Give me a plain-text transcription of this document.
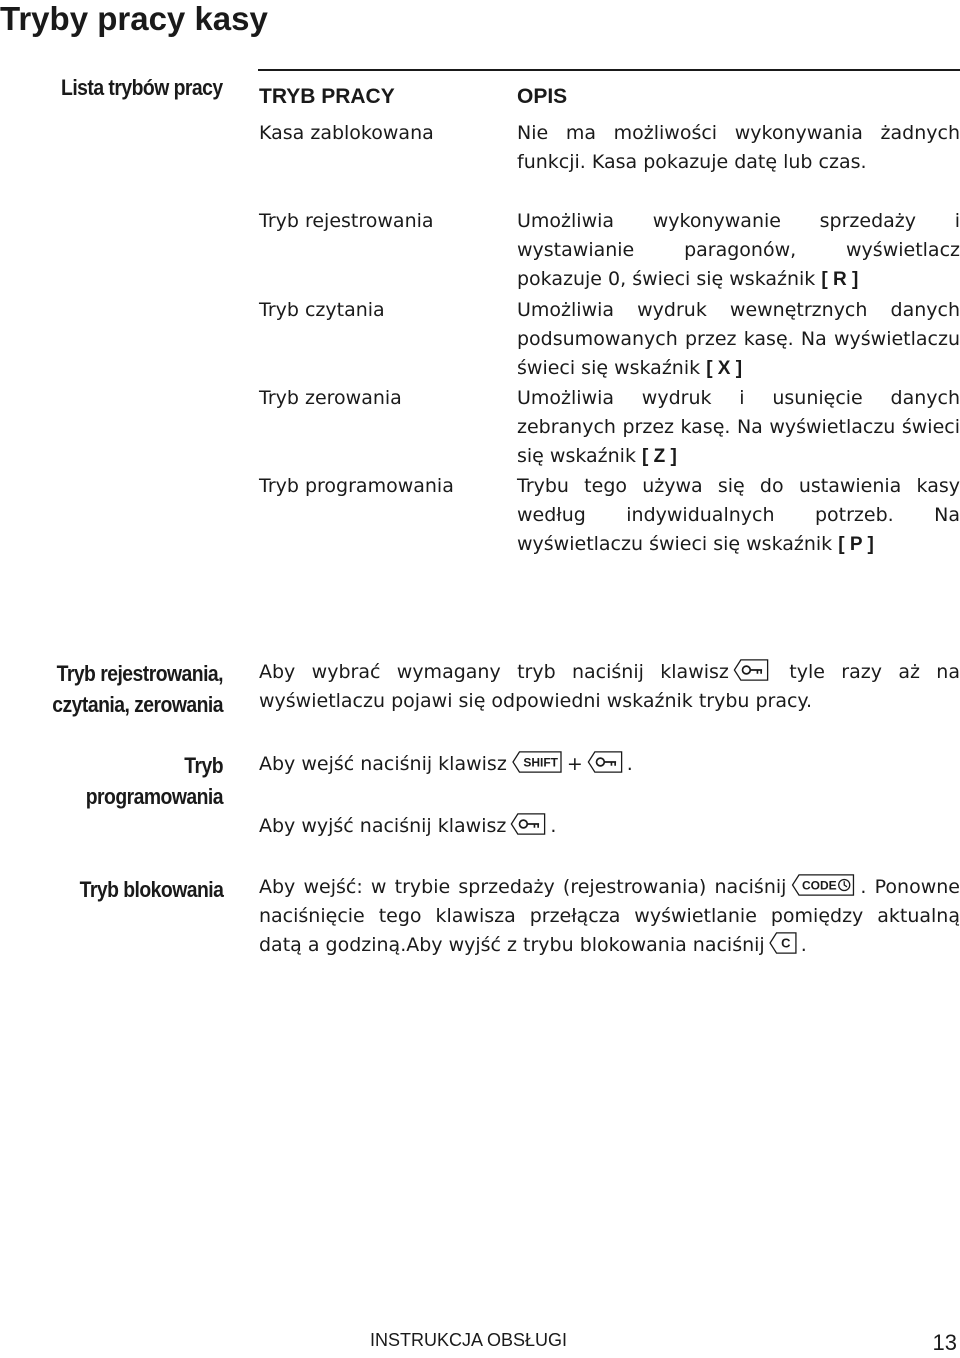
Tryby pracy kasy
Lista trybów pracy TRYB PRACY	OPIS
Kasa zablokowana	Nie ma możliwości wykonywania żadnych funkcji. Kasa pokazuje datę lub czas.
Tryb rejestrowania	Umożliwia wykonywanie sprzedaży i wystawianie paragonów, wyświetlacz pokazuje 0, świeci się wskaźnik [ R ]
Tryb czytania	Umożliwia wydruk wewnętrznych danych podsumowanych przez kasę. Na wyświetlaczu świeci się wskaźnik [ X ]
Tryb zerowania	Umożliwia wydruk i usunięcie danych zebranych przez kasę. Na wyświetlaczu świeci się wskaźnik [ Z ]
Tryb programowania	Trybu tego używa się do ustawienia kasy według indywidualnych potrzeb. Na wyświetlaczu świeci się wskaźnik [ P ]
Tryb rejestrowania,
czytania, zerowania
Aby wybrać wymagany tryb naciśnij klawisz	tyle razy aż na wyświetlaczu pojawi się odpowiedni wskaźnik trybu pracy.
Tryb
programowania
Aby wejść naciśnij klawisz SHIFT + .
Aby wyjść naciśnij klawisz .
Tryb blokowania Aby wejść: w trybie sprzedaży (rejestrowania) naciśnij CODE . Ponowne naciśnięcie tego klawisza przełącza wyświetlanie pomiędzy aktualną datą a godziną.Aby wyjść z trybu blokowania naciśnij C .
INSTRUKCJA OBSŁUGI	13
